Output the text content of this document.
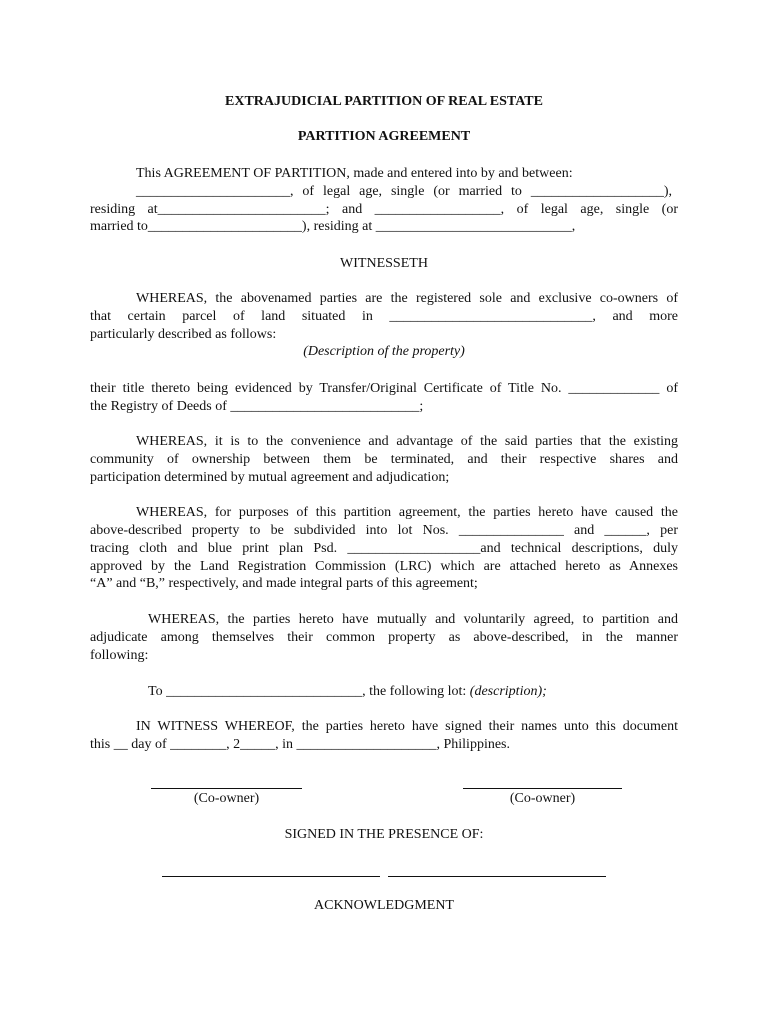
EXTRAJUDICIAL PARTITION OF REAL ESTATE
PARTITION AGREEMENT
This AGREEMENT OF PARTITION, made and entered into by and between:
______________________, of legal age, single (or married to ___________________),
residing at________________________; and __________________, of legal age, single (or
married to______________________), residing at ____________________________,
WITNESSETH
WHEREAS, the abovenamed parties are the registered sole and exclusive co-owners of
that certain parcel of land situated in _____________________________, and more
particularly described as follows:
(Description of the property)
their title thereto being evidenced by Transfer/Original Certificate of Title No. _____________ of
the Registry of Deeds of ___________________________;
WHEREAS, it is to the convenience and advantage of the said parties that the existing
community of ownership between them be terminated, and their respective shares and
participation determined by mutual agreement and adjudication;
WHEREAS, for purposes of this partition agreement, the parties hereto have caused the
above-described property to be subdivided into lot Nos. _______________ and ______, per
tracing cloth and blue print plan Psd. ___________________and technical descriptions, duly
approved by the Land Registration Commission (LRC) which are attached hereto as Annexes
“A” and “B,” respectively, and made integral parts of this agreement;
WHEREAS, the parties hereto have mutually and voluntarily agreed, to partition and
adjudicate among themselves their common property as above-described, in the manner
following:
To ____________________________, the following lot: (description);
IN WITNESS WHEREOF, the parties hereto have signed their names unto this document
this __ day of ________, 2_____, in ____________________, Philippines.
(Co-owner)	(Co-owner)
SIGNED IN THE PRESENCE OF:
ACKNOWLEDGMENT
